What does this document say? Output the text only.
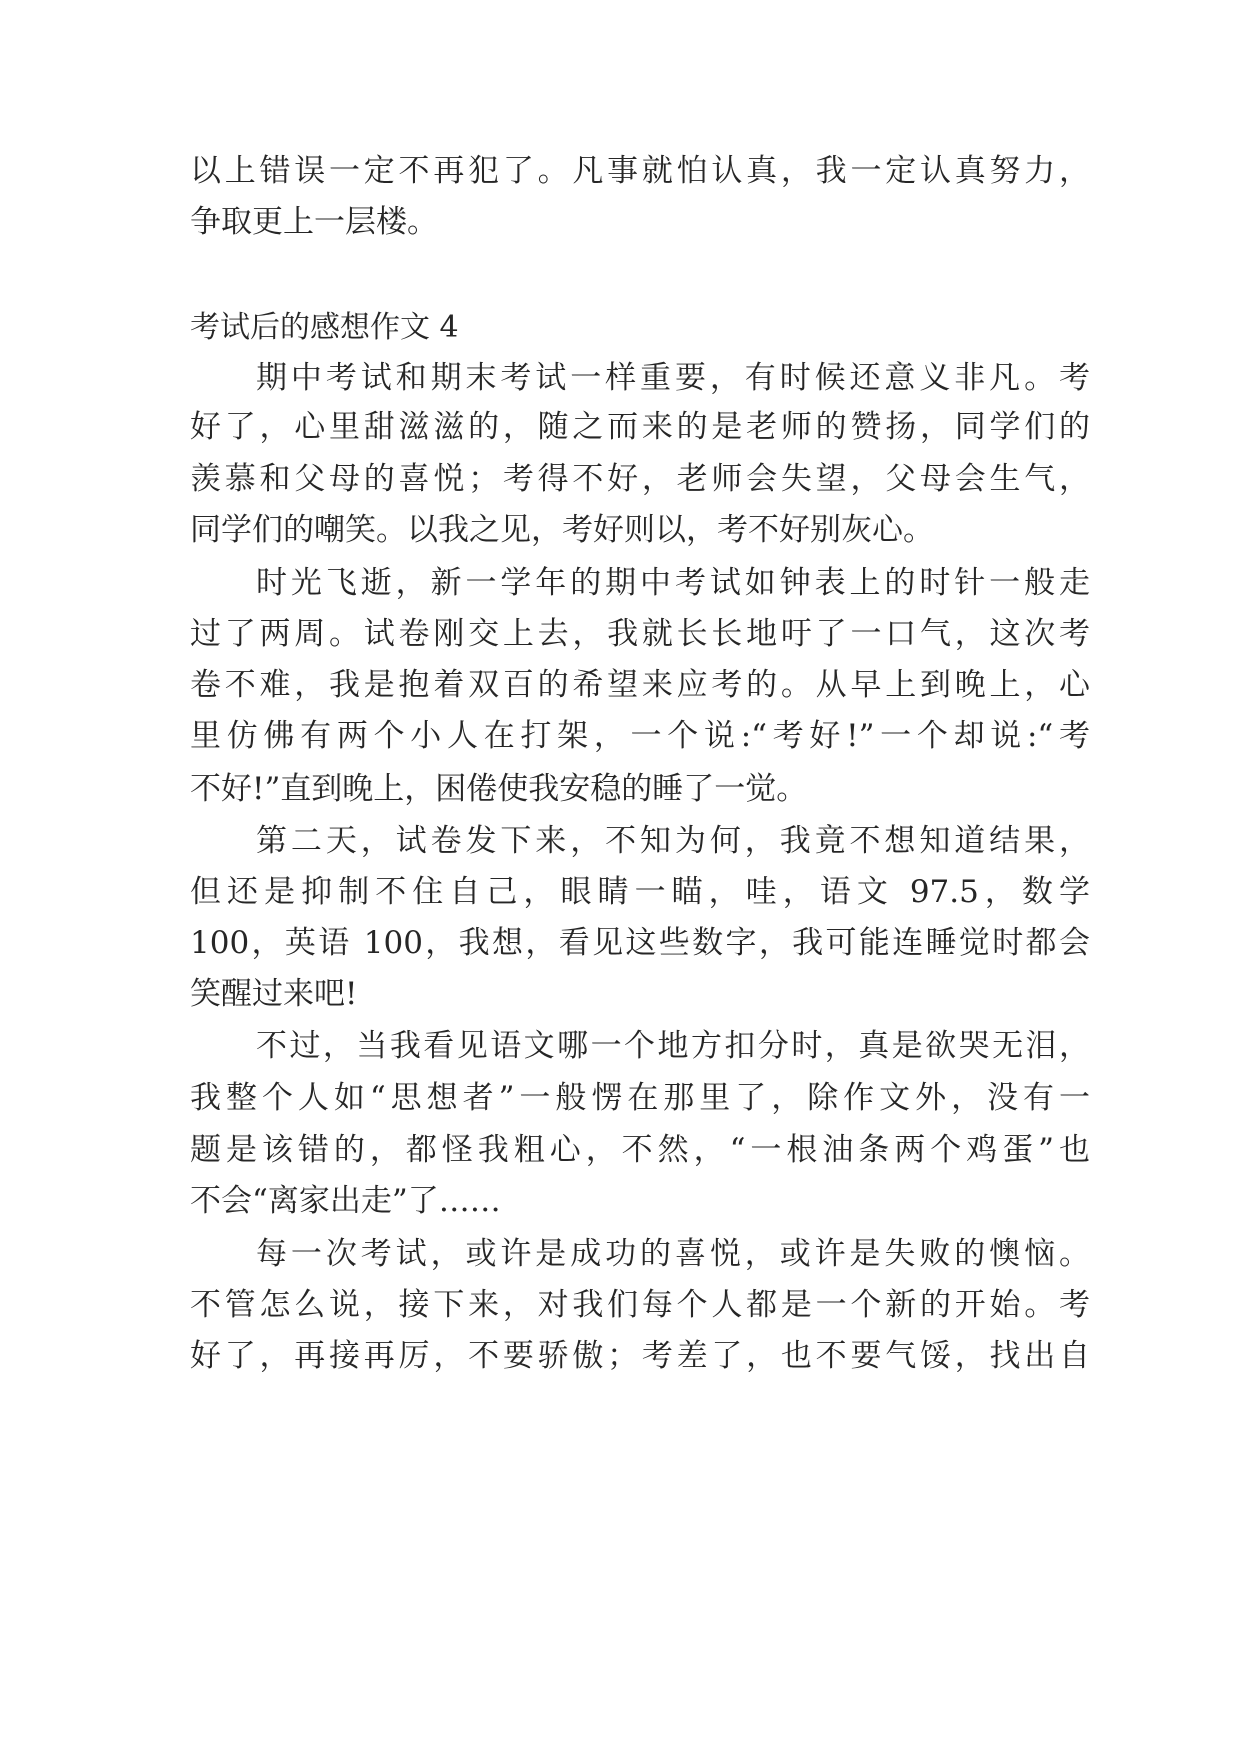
以上错误一定不再犯了。凡事就怕认真，我一定认真努力，
争取更上一层楼。
考试后的感想作文 4
期中考试和期末考试一样重要，有时候还意义非凡。考
好了，心里甜滋滋的，随之而来的是老师的赞扬，同学们的
羡慕和父母的喜悦；考得不好，老师会失望，父母会生气，
同学们的嘲笑。以我之见，考好则以，考不好别灰心。
时光飞逝，新一学年的期中考试如钟表上的时针一般走
过了两周。试卷刚交上去，我就长长地吁了一口气，这次考
卷不难，我是抱着双百的希望来应考的。从早上到晚上，心
里仿佛有两个小人在打架，一个说:“考好!”一个却说:“考
不好!”直到晚上，困倦使我安稳的睡了一觉。
第二天，试卷发下来，不知为何，我竟不想知道结果，
但还是抑制不住自己，眼睛一瞄，哇，语文 97.5，数学
100，英语 100，我想，看见这些数字，我可能连睡觉时都会
笑醒过来吧!
不过，当我看见语文哪一个地方扣分时，真是欲哭无泪，
我整个人如“思想者”一般愣在那里了，除作文外，没有一
题是该错的，都怪我粗心，不然，“一根油条两个鸡蛋”也
不会“离家出走”了……
每一次考试，或许是成功的喜悦，或许是失败的懊恼。
不管怎么说，接下来，对我们每个人都是一个新的开始。考
好了，再接再厉，不要骄傲；考差了，也不要气馁，找出自
